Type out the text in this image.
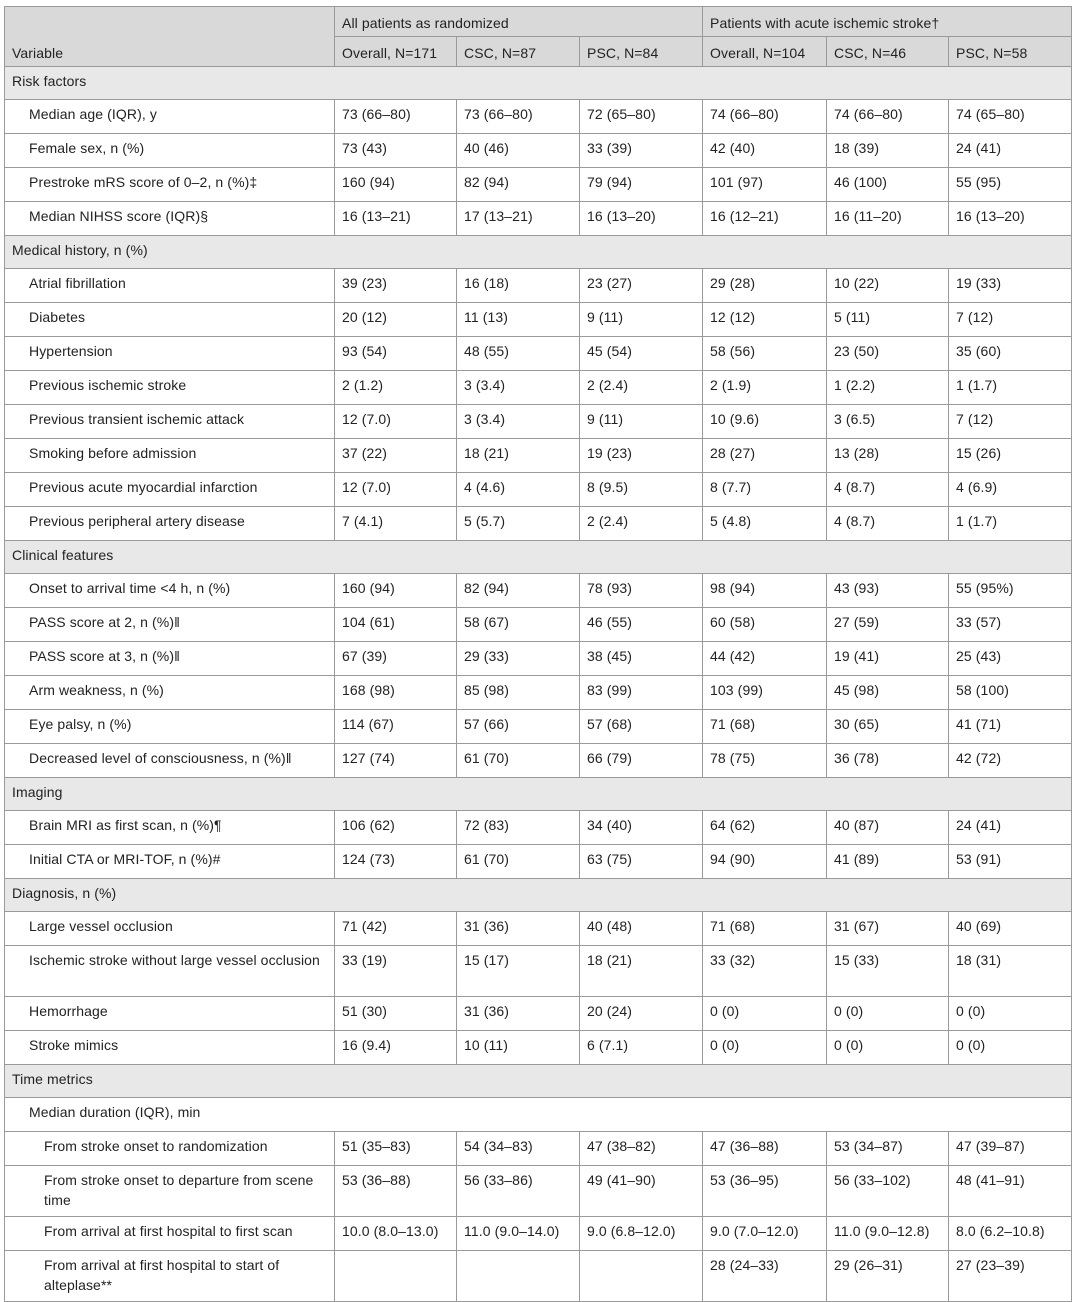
Variable	All patients as randomized			Patients with acute ischemic stroke†		
	Overall, N=171	CSC, N=87	PSC, N=84	Overall, N=104	CSC, N=46	PSC, N=58
Risk factors						
Median age (IQR), y	73 (66–80)	73 (66–80)	72 (65–80)	74 (66–80)	74 (66–80)	74 (65–80)
Female sex, n (%)	73 (43)	40 (46)	33 (39)	42 (40)	18 (39)	24 (41)
Prestroke mRS score of 0–2, n (%)‡	160 (94)	82 (94)	79 (94)	101 (97)	46 (100)	55 (95)
Median NIHSS score (IQR)§	16 (13–21)	17 (13–21)	16 (13–20)	16 (12–21)	16 (11–20)	16 (13–20)
Medical history, n (%)						
Atrial fibrillation	39 (23)	16 (18)	23 (27)	29 (28)	10 (22)	19 (33)
Diabetes	20 (12)	11 (13)	9 (11)	12 (12)	5 (11)	7 (12)
Hypertension	93 (54)	48 (55)	45 (54)	58 (56)	23 (50)	35 (60)
Previous ischemic stroke	2 (1.2)	3 (3.4)	2 (2.4)	2 (1.9)	1 (2.2)	1 (1.7)
Previous transient ischemic attack	12 (7.0)	3 (3.4)	9 (11)	10 (9.6)	3 (6.5)	7 (12)
Smoking before admission	37 (22)	18 (21)	19 (23)	28 (27)	13 (28)	15 (26)
Previous acute myocardial infarction	12 (7.0)	4 (4.6)	8 (9.5)	8 (7.7)	4 (8.7)	4 (6.9)
Previous peripheral artery disease	7 (4.1)	5 (5.7)	2 (2.4)	5 (4.8)	4 (8.7)	1 (1.7)
Clinical features						
Onset to arrival time <4 h, n (%)	160 (94)	82 (94)	78 (93)	98 (94)	43 (93)	55 (95%)
PASS score at 2, n (%)‖	104 (61)	58 (67)	46 (55)	60 (58)	27 (59)	33 (57)
PASS score at 3, n (%)‖	67 (39)	29 (33)	38 (45)	44 (42)	19 (41)	25 (43)
Arm weakness, n (%)	168 (98)	85 (98)	83 (99)	103 (99)	45 (98)	58 (100)
Eye palsy, n (%)	114 (67)	57 (66)	57 (68)	71 (68)	30 (65)	41 (71)
Decreased level of consciousness, n (%)‖	127 (74)	61 (70)	66 (79)	78 (75)	36 (78)	42 (72)
Imaging						
Brain MRI as first scan, n (%)¶	106 (62)	72 (83)	34 (40)	64 (62)	40 (87)	24 (41)
Initial CTA or MRI-TOF, n (%)#	124 (73)	61 (70)	63 (75)	94 (90)	41 (89)	53 (91)
Diagnosis, n (%)						
Large vessel occlusion	71 (42)	31 (36)	40 (48)	71 (68)	31 (67)	40 (69)
Ischemic stroke without large vessel occlusion	33 (19)	15 (17)	18 (21)	33 (32)	15 (33)	18 (31)
Hemorrhage	51 (30)	31 (36)	20 (24)	0 (0)	0 (0)	0 (0)
Stroke mimics	16 (9.4)	10 (11)	6 (7.1)	0 (0)	0 (0)	0 (0)
Time metrics						
Median duration (IQR), min						
From stroke onset to randomization	51 (35–83)	54 (34–83)	47 (38–82)	47 (36–88)	53 (34–87)	47 (39–87)
From stroke onset to departure from scene time	53 (36–88)	56 (33–86)	49 (41–90)	53 (36–95)	56 (33–102)	48 (41–91)
From arrival at first hospital to first scan	10.0 (8.0–13.0)	11.0 (9.0–14.0)	9.0 (6.8–12.0)	9.0 (7.0–12.0)	11.0 (9.0–12.8)	8.0 (6.2–10.8)
From arrival at first hospital to start of alteplase**				28 (24–33)	29 (26–31)	27 (23–39)
